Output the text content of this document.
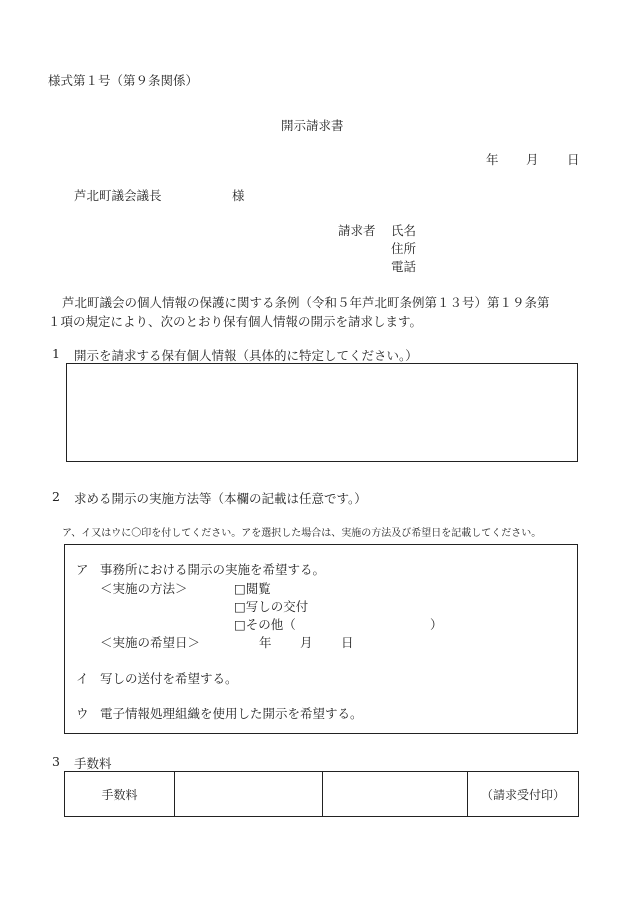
様式第１号（第９条関係）
開示請求書
年 月 日
芦北町議会議長	様
請求者 氏名
住所
電話
芦北町議会の個人情報の保護に関する条例（令和５年芦北町条例第１３号）第１９条第
１項の規定により、次のとおり保有個人情報の開示を請求します。
1 開示を請求する保有個人情報（具体的に特定してください。）
2 求める開示の実施方法等（本欄の記載は任意です。）
ア、イ又はウに〇印を付してください。アを選択した場合は、実施の方法及び希望日を記載してください。
ア 事務所における開示の実施を希望する。
＜実施の方法＞	□閲覧
□写しの交付
□その他（	）
＜実施の希望日＞	年 月 日
イ 写しの送付を希望する。
ウ 電子情報処理組織を使用した開示を希望する。
3 手数料
手数料			（請求受付印）
